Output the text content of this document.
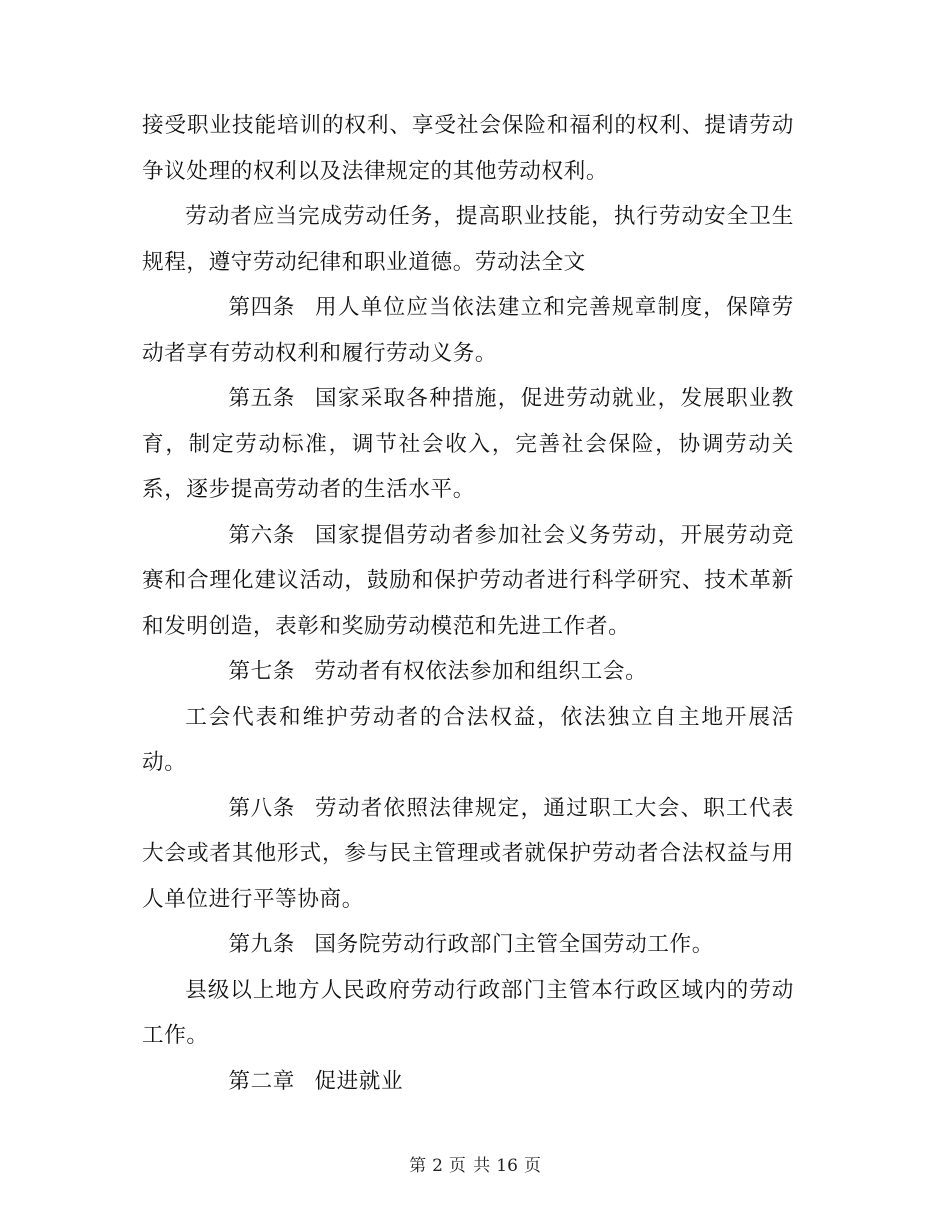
接受职业技能培训的权利、享受社会保险和福利的权利、提请劳动争议处理的权利以及法律规定的其他劳动权利。

劳动者应当完成劳动任务，提高职业技能，执行劳动安全卫生规程，遵守劳动纪律和职业道德。劳动法全文

第四条 用人单位应当依法建立和完善规章制度，保障劳动者享有劳动权利和履行劳动义务。

第五条 国家采取各种措施，促进劳动就业，发展职业教育，制定劳动标准，调节社会收入，完善社会保险，协调劳动关系，逐步提高劳动者的生活水平。

第六条 国家提倡劳动者参加社会义务劳动，开展劳动竞赛和合理化建议活动，鼓励和保护劳动者进行科学研究、技术革新和发明创造，表彰和奖励劳动模范和先进工作者。

第七条 劳动者有权依法参加和组织工会。

工会代表和维护劳动者的合法权益，依法独立自主地开展活动。

第八条 劳动者依照法律规定，通过职工大会、职工代表大会或者其他形式，参与民主管理或者就保护劳动者合法权益与用人单位进行平等协商。

第九条 国务院劳动行政部门主管全国劳动工作。

县级以上地方人民政府劳动行政部门主管本行政区域内的劳动工作。

第二章 促进就业

第 2 页 共 16 页
